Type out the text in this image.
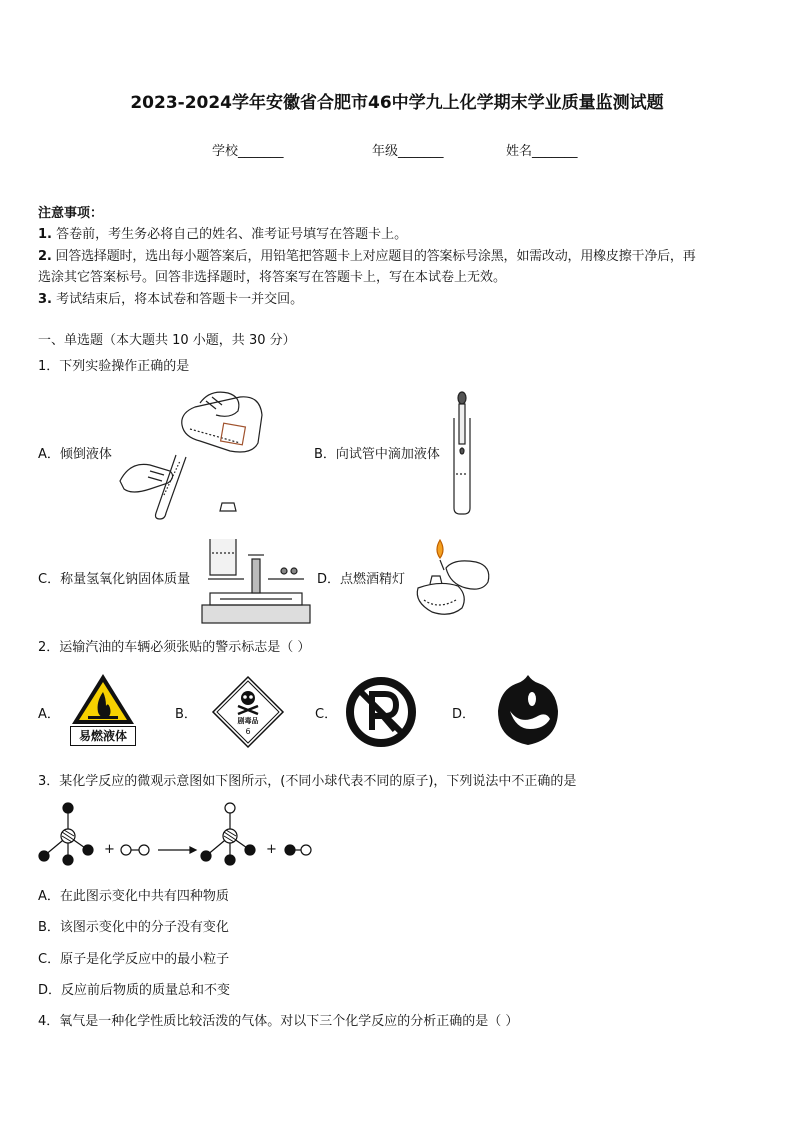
2023-2024学年安徽省合肥市46中学九上化学期末学业质量监测试题
学校_______	年级_______	姓名_______
注意事项：
1. 答卷前，考生务必将自己的姓名、准考证号填写在答题卡上。
2. 回答选择题时，选出每小题答案后，用铅笔把答题卡上对应题目的答案标号涂黑，如需改动，用橡皮擦干净后，再
选涂其它答案标号。回答非选择题时，将答案写在答题卡上，写在本试卷上无效。
3. 考试结束后，将本试卷和答题卡一并交回。
一、单选题（本大题共 10 小题，共 30 分）
1．下列实验操作正确的是
A．倾倒液体	B．向试管中滴加液体
C．称量氢氧化钠固体质量	D．点燃酒精灯
2．运输汽油的车辆必须张贴的警示标志是（ ）
A．	B．	C．	D．
易燃液体
剧毒品
6
3．某化学反应的微观示意图如下图所示，(不同小球代表不同的原子)，下列说法中不正确的是
+	+
A．在此图示变化中共有四种物质
B．该图示变化中的分子没有变化
C．原子是化学反应中的最小粒子
D．反应前后物质的质量总和不变
4．氧气是一种化学性质比较活泼的气体。对以下三个化学反应的分析正确的是（ ）
